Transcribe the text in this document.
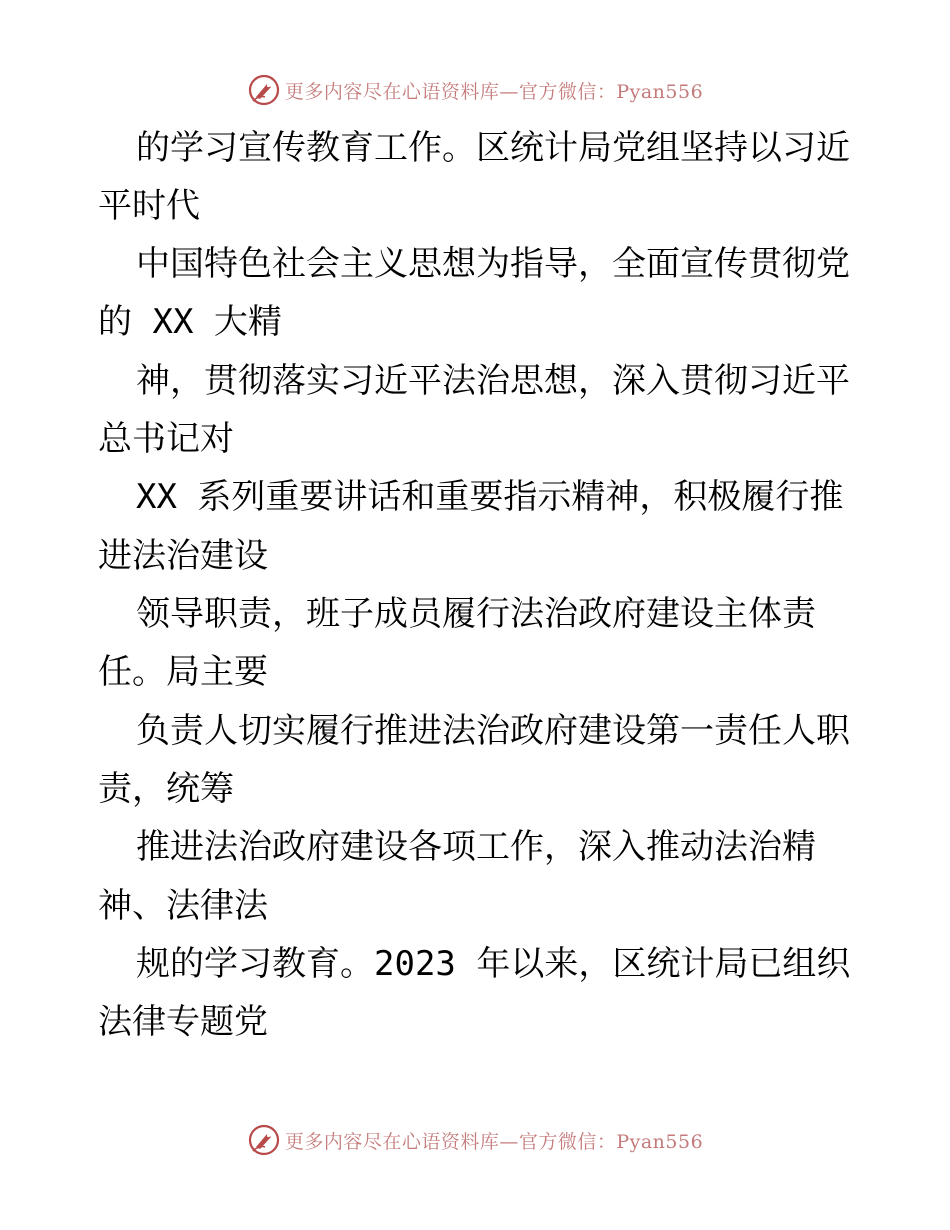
更多内容尽在心语资料库—官方微信：Pyan556
的学习宣传教育工作。区统计局党组坚持以习近
平时代
中国特色社会主义思想为指导，全面宣传贯彻党
的 XX 大精
神，贯彻落实习近平法治思想，深入贯彻习近平
总书记对
XX 系列重要讲话和重要指示精神，积极履行推
进法治建设
领导职责，班子成员履行法治政府建设主体责
任。局主要
负责人切实履行推进法治政府建设第一责任人职
责，统筹
推进法治政府建设各项工作，深入推动法治精
神、法律法
规的学习教育。2023 年以来，区统计局已组织
法律专题党
更多内容尽在心语资料库—官方微信：Pyan556
